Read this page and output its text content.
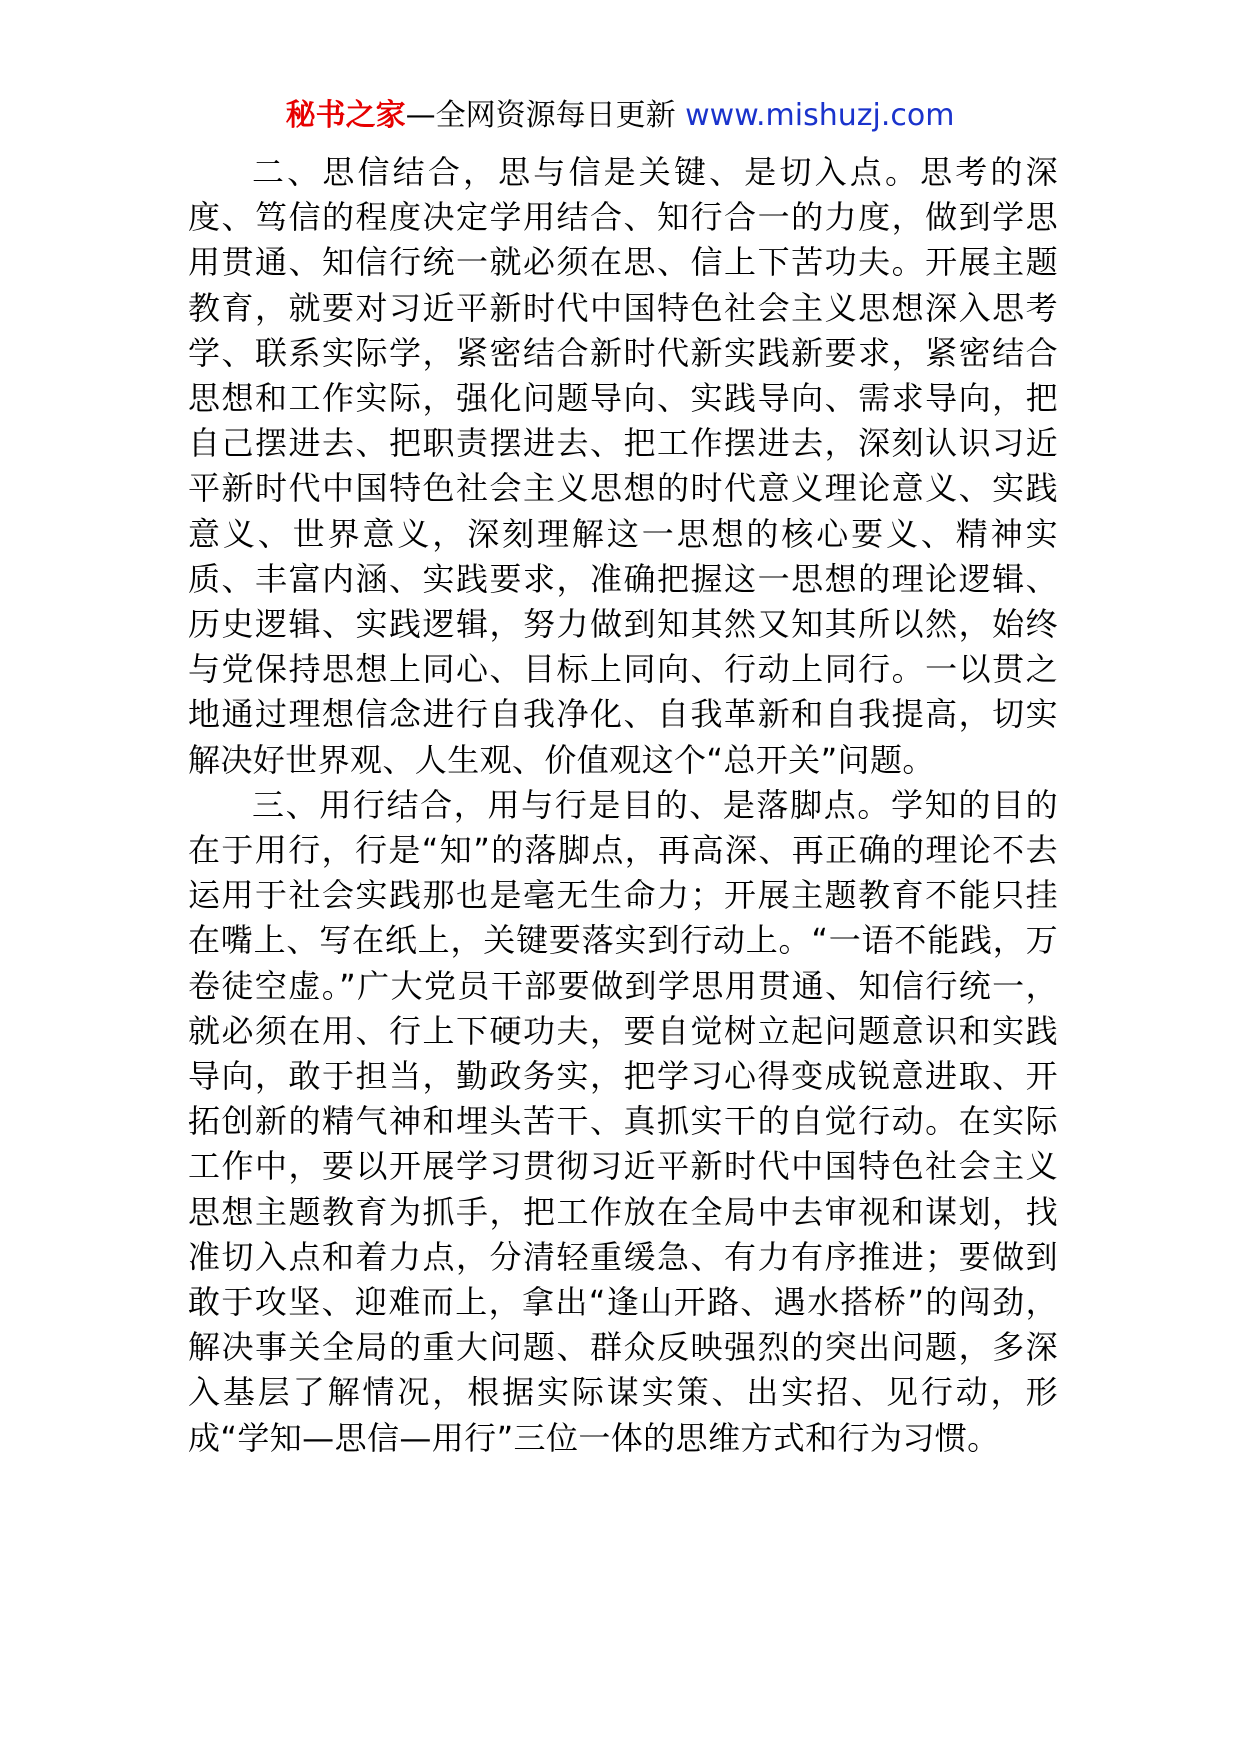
秘书之家—全网资源每日更新 www.mishuzj.com

二、思信结合，思与信是关键、是切入点。思考的深度、笃信的程度决定学用结合、知行合一的力度，做到学思用贯通、知信行统一就必须在思、信上下苦功夫。开展主题教育，就要对习近平新时代中国特色社会主义思想深入思考学、联系实际学，紧密结合新时代新实践新要求，紧密结合思想和工作实际，强化问题导向、实践导向、需求导向，把自己摆进去、把职责摆进去、把工作摆进去，深刻认识习近平新时代中国特色社会主义思想的时代意义理论意义、实践意义、世界意义，深刻理解这一思想的核心要义、精神实质、丰富内涵、实践要求，准确把握这一思想的理论逻辑、历史逻辑、实践逻辑，努力做到知其然又知其所以然，始终与党保持思想上同心、目标上同向、行动上同行。一以贯之地通过理想信念进行自我净化、自我革新和自我提高，切实解决好世界观、人生观、价值观这个“总开关”问题。

三、用行结合，用与行是目的、是落脚点。学知的目的在于用行，行是“知”的落脚点，再高深、再正确的理论不去运用于社会实践那也是毫无生命力；开展主题教育不能只挂在嘴上、写在纸上，关键要落实到行动上。“一语不能践，万卷徒空虚。”广大党员干部要做到学思用贯通、知信行统一，就必须在用、行上下硬功夫，要自觉树立起问题意识和实践导向，敢于担当，勤政务实，把学习心得变成锐意进取、开拓创新的精气神和埋头苦干、真抓实干的自觉行动。在实际工作中，要以开展学习贯彻习近平新时代中国特色社会主义思想主题教育为抓手，把工作放在全局中去审视和谋划，找准切入点和着力点，分清轻重缓急、有力有序推进；要做到敢于攻坚、迎难而上，拿出“逢山开路、遇水搭桥”的闯劲，解决事关全局的重大问题、群众反映强烈的突出问题，多深入基层了解情况，根据实际谋实策、出实招、见行动，形成“学知—思信—用行”三位一体的思维方式和行为习惯。
